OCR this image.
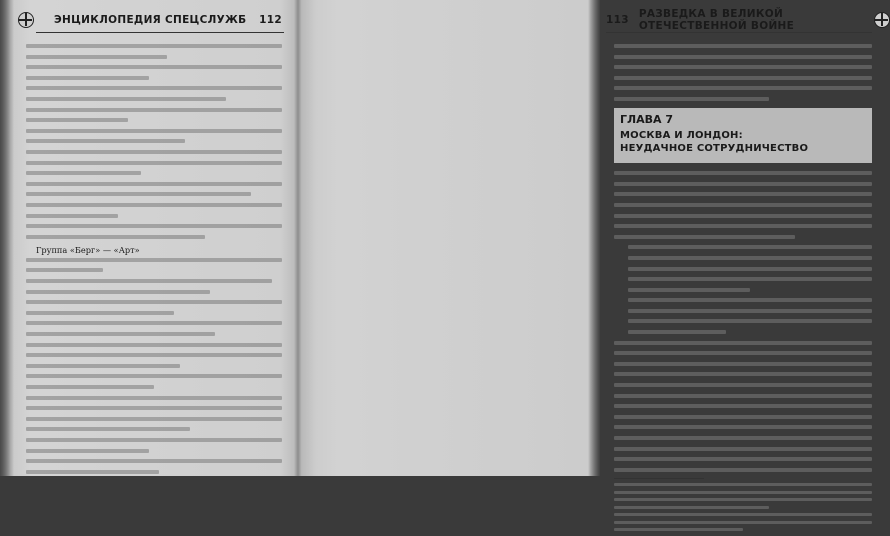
ЭНЦИКЛОПЕДИЯ СПЕЦСЛУЖБ	112

Группа «Берг» — «Арт»

113 РАЗВЕДКА В ВЕЛИКОЙ ОТЕЧЕСТВЕННОЙ ВОЙНЕ
ГЛАВА 7
МОСКВА И ЛОНДОН:
НЕУДАЧНОЕ СОТРУДНИЧЕСТВО
